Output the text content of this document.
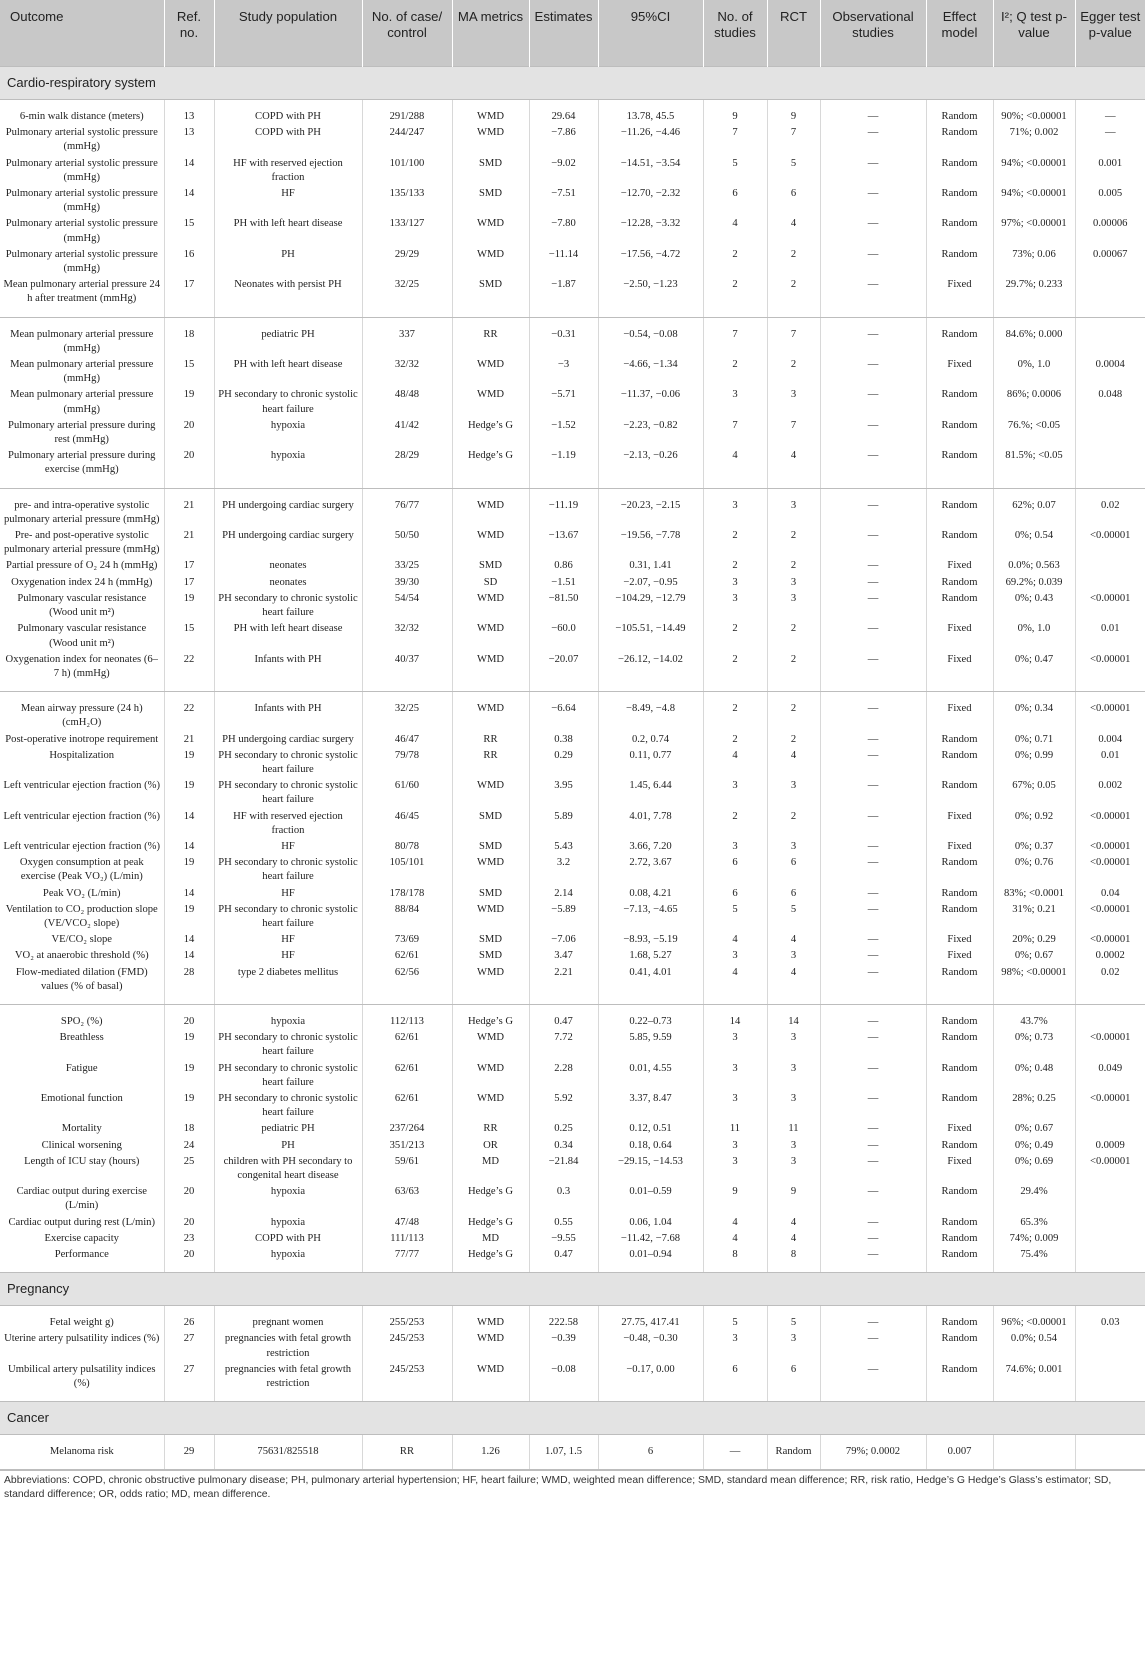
Outcome	Ref. no.	Study population	No. of case/ control	MA metrics	Estimates	95%CI	No. of studies	RCT	Observational studies	Effect model	I²; Q test p-value	Egger test p-value
Cardio-respiratory system												
6-min walk distance (meters)	13	COPD with PH	291/288	WMD	29.64	13.78, 45.5	9	9	—	Random	90%; <0.00001	—
Pulmonary arterial systolic pressure (mmHg)	13	COPD with PH	244/247	WMD	−7.86	−11.26, −4.46	7	7	—	Random	71%; 0.002	—
Pulmonary arterial systolic pressure (mmHg)	14	HF with reserved ejection fraction	101/100	SMD	−9.02	−14.51, −3.54	5	5	—	Random	94%; <0.00001	0.001
Pulmonary arterial systolic pressure (mmHg)	14	HF	135/133	SMD	−7.51	−12.70, −2.32	6	6	—	Random	94%; <0.00001	0.005
Pulmonary arterial systolic pressure (mmHg)	15	PH with left heart disease	133/127	WMD	−7.80	−12.28, −3.32	4	4	—	Random	97%; <0.00001	0.00006
Pulmonary arterial systolic pressure (mmHg)	16	PH	29/29	WMD	−11.14	−17.56, −4.72	2	2	—	Random	73%; 0.06	0.00067
Mean pulmonary arterial pressure 24 h after treatment (mmHg)	17	Neonates with persist PH	32/25	SMD	−1.87	−2.50, −1.23	2	2	—	Fixed	29.7%; 0.233	
Mean pulmonary arterial pressure (mmHg)	18	pediatric PH	337	RR	−0.31	−0.54, −0.08	7	7	—	Random	84.6%; 0.000	
Mean pulmonary arterial pressure (mmHg)	15	PH with left heart disease	32/32	WMD	−3	−4.66, −1.34	2	2	—	Fixed	0%, 1.0	0.0004
Mean pulmonary arterial pressure (mmHg)	19	PH secondary to chronic systolic heart failure	48/48	WMD	−5.71	−11.37, −0.06	3	3	—	Random	86%; 0.0006	0.048
Pulmonary arterial pressure during rest (mmHg)	20	hypoxia	41/42	Hedge’s G	−1.52	−2.23, −0.82	7	7	—	Random	76.%; <0.05	
Pulmonary arterial pressure during exercise (mmHg)	20	hypoxia	28/29	Hedge’s G	−1.19	−2.13, −0.26	4	4	—	Random	81.5%; <0.05	
pre- and intra-operative systolic pulmonary arterial pressure (mmHg)	21	PH undergoing cardiac surgery	76/77	WMD	−11.19	−20.23, −2.15	3	3	—	Random	62%; 0.07	0.02
Pre- and post-operative systolic pulmonary arterial pressure (mmHg)	21	PH undergoing cardiac surgery	50/50	WMD	−13.67	−19.56, −7.78	2	2	—	Random	0%; 0.54	<0.00001
Partial pressure of O₂ 24 h (mmHg)	17	neonates	33/25	SMD	0.86	0.31, 1.41	2	2	—	Fixed	0.0%; 0.563	
Oxygenation index 24 h (mmHg)	17	neonates	39/30	SD	−1.51	−2.07, −0.95	3	3	—	Random	69.2%; 0.039	
Pulmonary vascular resistance (Wood unit m²)	19	PH secondary to chronic systolic heart failure	54/54	WMD	−81.50	−104.29, −12.79	3	3	—	Random	0%; 0.43	<0.00001
Pulmonary vascular resistance (Wood unit m²)	15	PH with left heart disease	32/32	WMD	−60.0	−105.51, −14.49	2	2	—	Fixed	0%, 1.0	0.01
Oxygenation index for neonates (6–7 h) (mmHg)	22	Infants with PH	40/37	WMD	−20.07	−26.12, −14.02	2	2	—	Fixed	0%; 0.47	<0.00001
Mean airway pressure (24 h) (cmH₂O)	22	Infants with PH	32/25	WMD	−6.64	−8.49, −4.8	2	2	—	Fixed	0%; 0.34	<0.00001
Post-operative inotrope requirement	21	PH undergoing cardiac surgery	46/47	RR	0.38	0.2, 0.74	2	2	—	Random	0%; 0.71	0.004
Hospitalization	19	PH secondary to chronic systolic heart failure	79/78	RR	0.29	0.11, 0.77	4	4	—	Random	0%; 0.99	0.01
Left ventricular ejection fraction (%)	19	PH secondary to chronic systolic heart failure	61/60	WMD	3.95	1.45, 6.44	3	3	—	Random	67%; 0.05	0.002
Left ventricular ejection fraction (%)	14	HF with reserved ejection fraction	46/45	SMD	5.89	4.01, 7.78	2	2	—	Fixed	0%; 0.92	<0.00001
Left ventricular ejection fraction (%)	14	HF	80/78	SMD	5.43	3.66, 7.20	3	3	—	Fixed	0%; 0.37	<0.00001
Oxygen consumption at peak exercise (Peak VO₂) (L/min)	19	PH secondary to chronic systolic heart failure	105/101	WMD	3.2	2.72, 3.67	6	6	—	Random	0%; 0.76	<0.00001
Peak VO₂ (L/min)	14	HF	178/178	SMD	2.14	0.08, 4.21	6	6	—	Random	83%; <0.0001	0.04
Ventilation to CO₂ production slope (VE/VCO₂ slope)	19	PH secondary to chronic systolic heart failure	88/84	WMD	−5.89	−7.13, −4.65	5	5	—	Random	31%; 0.21	<0.00001
VE/CO₂ slope	14	HF	73/69	SMD	−7.06	−8.93, −5.19	4	4	—	Fixed	20%; 0.29	<0.00001
VO₂ at anaerobic threshold (%)	14	HF	62/61	SMD	3.47	1.68, 5.27	3	3	—	Fixed	0%; 0.67	0.0002
Flow-mediated dilation (FMD) values (% of basal)	28	type 2 diabetes mellitus	62/56	WMD	2.21	0.41, 4.01	4	4	—	Random	98%; <0.00001	0.02
SPO₂ (%)	20	hypoxia	112/113	Hedge’s G	0.47	0.22–0.73	14	14	—	Random	43.7%	
Breathless	19	PH secondary to chronic systolic heart failure	62/61	WMD	7.72	5.85, 9.59	3	3	—	Random	0%; 0.73	<0.00001
Fatigue	19	PH secondary to chronic systolic heart failure	62/61	WMD	2.28	0.01, 4.55	3	3	—	Random	0%; 0.48	0.049
Emotional function	19	PH secondary to chronic systolic heart failure	62/61	WMD	5.92	3.37, 8.47	3	3	—	Random	28%; 0.25	<0.00001
Mortality	18	pediatric PH	237/264	RR	0.25	0.12, 0.51	11	11	—	Fixed	0%; 0.67	
Clinical worsening	24	PH	351/213	OR	0.34	0.18, 0.64	3	3	—	Random	0%; 0.49	0.0009
Length of ICU stay (hours)	25	children with PH secondary to congenital heart disease	59/61	MD	−21.84	−29.15, −14.53	3	3	—	Fixed	0%; 0.69	<0.00001
Cardiac output during exercise (L/min)	20	hypoxia	63/63	Hedge’s G	0.3	0.01–0.59	9	9	—	Random	29.4%	
Cardiac output during rest (L/min)	20	hypoxia	47/48	Hedge’s G	0.55	0.06, 1.04	4	4	—	Random	65.3%	
Exercise capacity	23	COPD with PH	111/113	MD	−9.55	−11.42, −7.68	4	4	—	Random	74%; 0.009	
Performance	20	hypoxia	77/77	Hedge’s G	0.47	0.01–0.94	8	8	—	Random	75.4%	
Pregnancy												
Fetal weight g)	26	pregnant women	255/253	WMD	222.58	27.75, 417.41	5	5	—	Random	96%; <0.00001	0.03
Uterine artery pulsatility indices (%)	27	pregnancies with fetal growth restriction	245/253	WMD	−0.39	−0.48, −0.30	3	3	—	Random	0.0%; 0.54	
Umbilical artery pulsatility indices (%)	27	pregnancies with fetal growth restriction	245/253	WMD	−0.08	−0.17, 0.00	6	6	—	Random	74.6%; 0.001	
Cancer												
Melanoma risk	29	75631/825518	RR	1.26	1.07, 1.5	6	—	Random	79%; 0.0002	0.007		
Abbreviations: COPD, chronic obstructive pulmonary disease; PH, pulmonary arterial hypertension; HF, heart failure; WMD, weighted mean difference; SMD, standard mean difference; RR, risk ratio, Hedge’s G Hedge’s Glass’s estimator; SD, standard difference; OR, odds ratio; MD, mean difference.
